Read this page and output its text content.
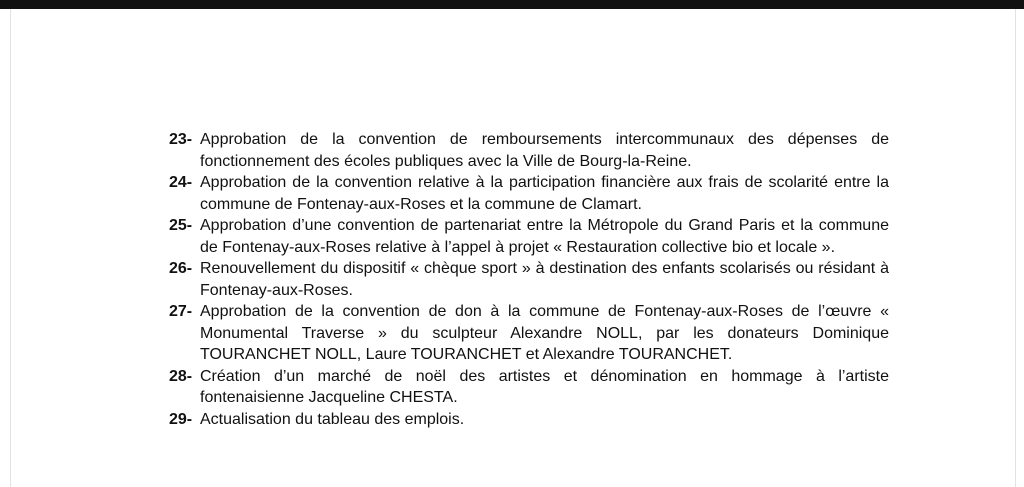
23- Approbation de la convention de remboursements intercommunaux des dépenses de fonctionnement des écoles publiques avec la Ville de Bourg-la-Reine.
24- Approbation de la convention relative à la participation financière aux frais de scolarité entre la commune de Fontenay-aux-Roses et la commune de Clamart.
25- Approbation d’une convention de partenariat entre la Métropole du Grand Paris et la commune de Fontenay-aux-Roses relative à l’appel à projet « Restauration collective bio et locale ».
26- Renouvellement du dispositif « chèque sport » à destination des enfants scolarisés ou résidant à Fontenay-aux-Roses.
27- Approbation de la convention de don à la commune de Fontenay-aux-Roses de l’œuvre « Monumental Traverse » du sculpteur Alexandre NOLL, par les donateurs Dominique TOURANCHET NOLL, Laure TOURANCHET et Alexandre TOURANCHET.
28- Création d’un marché de noël des artistes et dénomination en hommage à l’artiste fontenaisienne Jacqueline CHESTA.
29- Actualisation du tableau des emplois.
